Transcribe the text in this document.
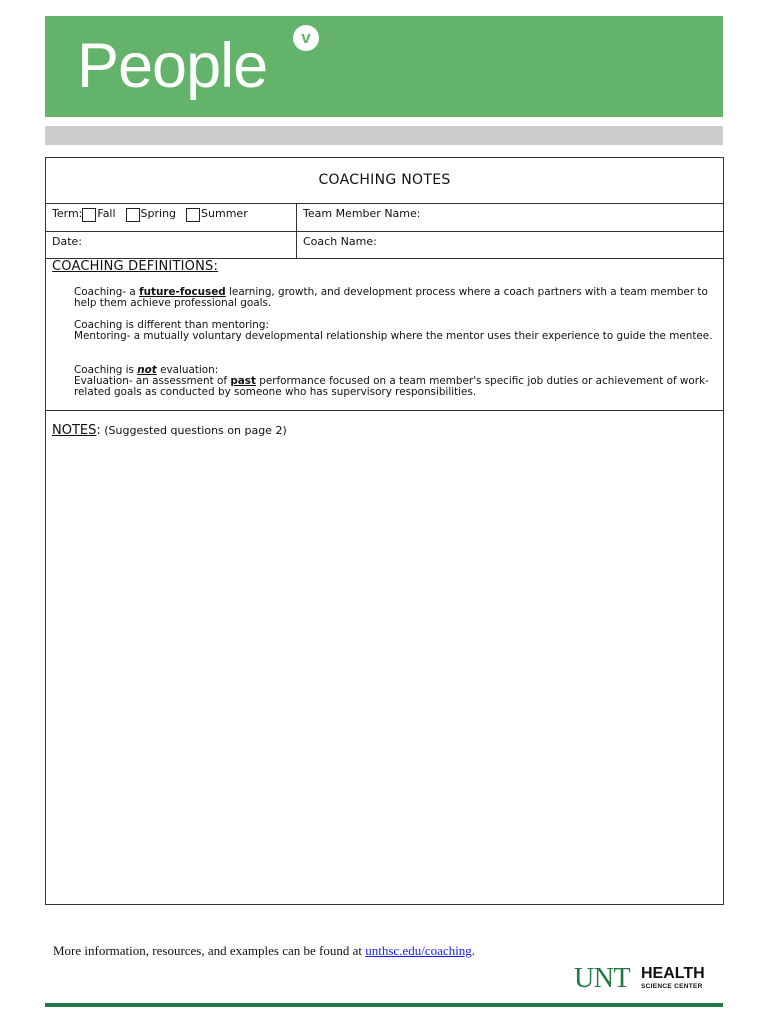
People	v
COACHING NOTES
Term: Fall Spring Summer	Team Member Name:
Date:	Coach Name:
COACHING DEFINITIONS:
Coaching- a future-focused learning, growth, and development process where a coach partners with a team member to help them achieve professional goals.
Coaching is different than mentoring:
Mentoring- a mutually voluntary developmental relationship where the mentor uses their experience to guide the mentee.
Coaching is not evaluation:
Evaluation- an assessment of past performance focused on a team member's specific job duties or achievement of work-related goals as conducted by someone who has supervisory responsibilities.
NOTES: (Suggested questions on page 2)
More information, resources, and examples can be found at unthsc.edu/coaching.
UNT HEALTH
SCIENCE CENTER
